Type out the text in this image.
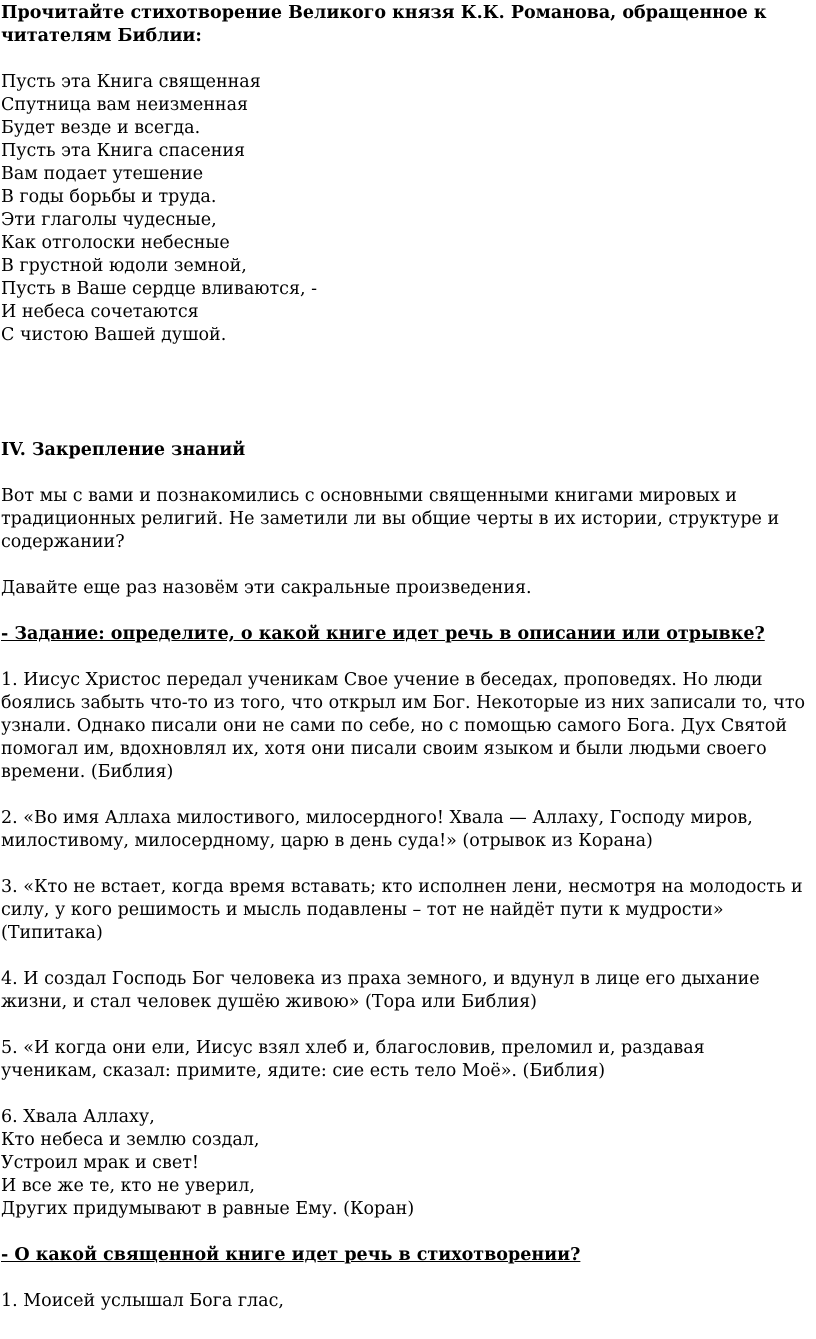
Прочитайте стихотворение Великого князя К.К. Романова, обращенное к читателям Библии:

Пусть эта Книга священная
Спутница вам неизменная
Будет везде и всегда.
Пусть эта Книга спасения
Вам подает утешение
В годы борьбы и труда.
Эти глаголы чудесные,
Как отголоски небесные
В грустной юдоли земной,
Пусть в Ваше сердце вливаются, -
И небеса сочетаются
С чистою Вашей душой.

IV. Закрепление знаний

Вот мы с вами и познакомились с основными священными книгами мировых и традиционных религий. Не заметили ли вы общие черты в их истории, структуре и содержании?

Давайте еще раз назовём эти сакральные произведения.

- Задание: определите, о какой книге идет речь в описании или отрывке?

1. Иисус Христос передал ученикам Свое учение в беседах, проповедях. Но люди боялись забыть что-то из того, что открыл им Бог. Некоторые из них записали то, что узнали. Однако писали они не сами по себе, но с помощью самого Бога. Дух Святой помогал им, вдохновлял их, хотя они писали своим языком и были людьми своего времени. (Библия)

2. «Во имя Аллаха милостивого, милосердного! Хвала — Аллаху, Господу миров, милостивому, милосердному, царю в день суда!» (отрывок из Корана)

3. «Кто не встает, когда время вставать; кто исполнен лени, несмотря на молодость и силу, у кого решимость и мысль подавлены – тот не найдёт пути к мудрости» (Типитака)

4. И создал Господь Бог человека из праха земного, и вдунул в лице его дыхание жизни, и стал человек душёю живою» (Тора или Библия)

5. «И когда они ели, Иисус взял хлеб и, благословив, преломил и, раздавая ученикам, сказал: примите, ядите: сие есть тело Моё». (Библия)

6. Хвала Аллаху,
Кто небеса и землю создал,
Устроил мрак и свет!
И все же те, кто не уверил,
Других придумывают в равные Ему. (Коран)

- О какой священной книге идет речь в стихотворении?

1. Моисей услышал Бога глас,
